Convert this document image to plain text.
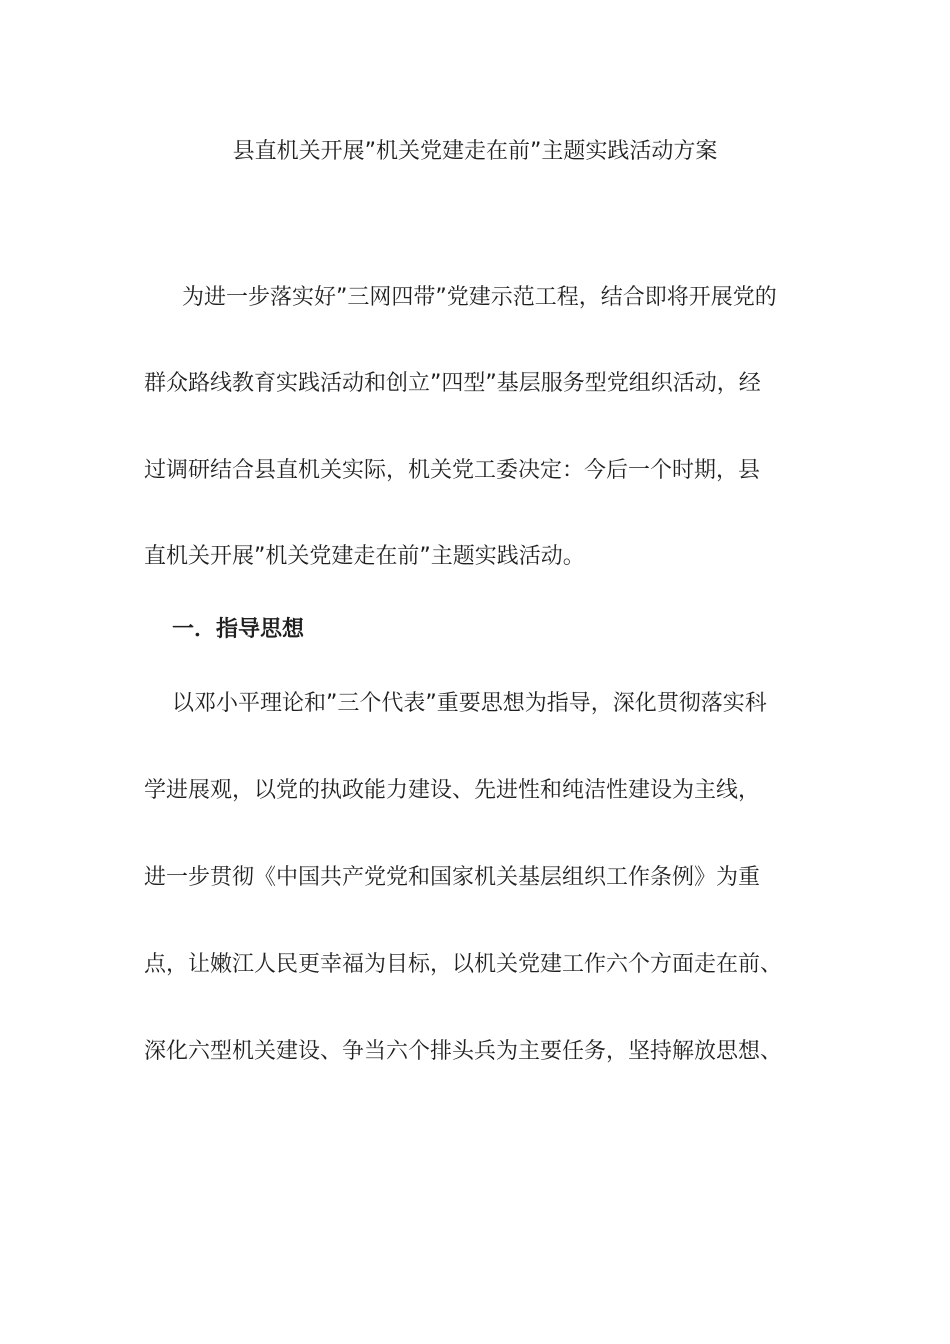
县直机关开展”机关党建走在前”主题实践活动方案
为进一步落实好”三网四带”党建示范工程，结合即将开展党的
群众路线教育实践活动和创立”四型”基层服务型党组织活动，经
过调研结合县直机关实际，机关党工委决定：今后一个时期，县
直机关开展”机关党建走在前”主题实践活动。
一．指导思想
以邓小平理论和”三个代表”重要思想为指导，深化贯彻落实科
学进展观，以党的执政能力建设、先进性和纯洁性建设为主线，
进一步贯彻《中国共产党党和国家机关基层组织工作条例》为重
点，让嫩江人民更幸福为目标，以机关党建工作六个方面走在前、
深化六型机关建设、争当六个排头兵为主要任务，坚持解放思想、
